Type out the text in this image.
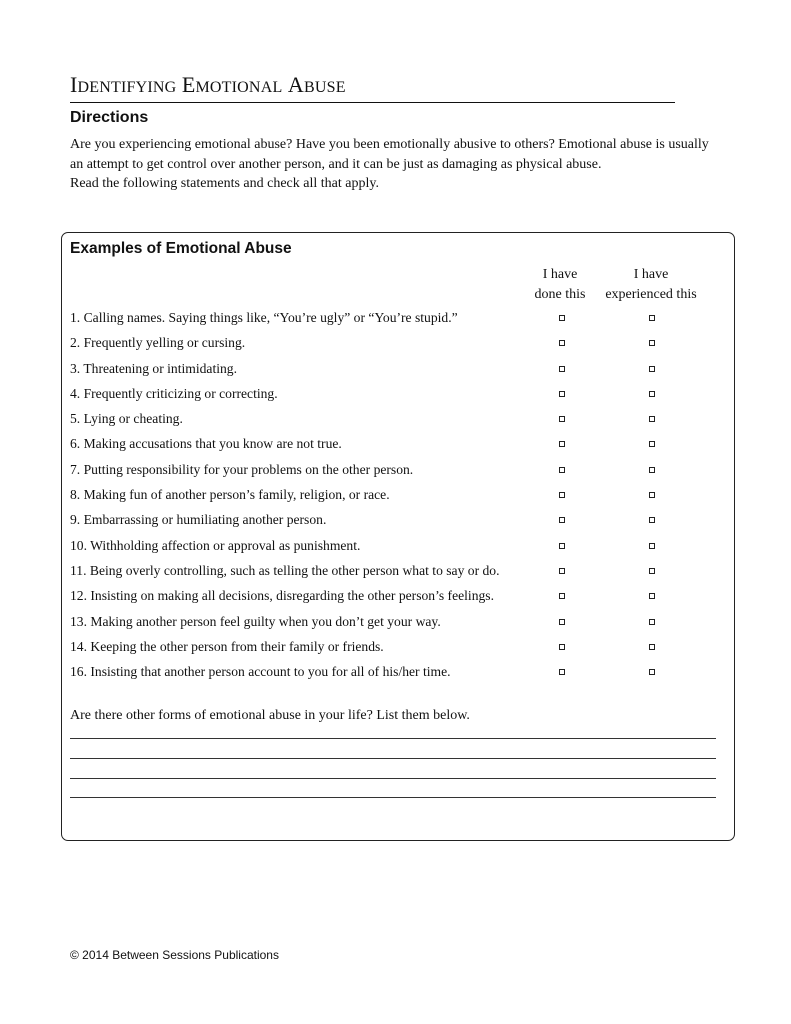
IDENTIFYING EMOTIONAL ABUSE
Directions

Are you experiencing emotional abuse? Have you been emotionally abusive to others? Emotional abuse is usually

an attempt to get control over another person, and it can be just as damaging as physical abuse.

Read the following statements and check all that apply.

Examples of Emotional Abuse
I have
done this
I have
experienced this
1. Calling names. Saying things like, “You’re ugly” or “You’re stupid.”
2. Frequently yelling or cursing.
3. Threatening or intimidating.
4. Frequently criticizing or correcting.
5. Lying or cheating.
6. Making accusations that you know are not true.
7. Putting responsibility for your problems on the other person.
8. Making fun of another person’s family, religion, or race.
9. Embarrassing or humiliating another person.
10. Withholding affection or approval as punishment.
11. Being overly controlling, such as telling the other person what to say or do.
12. Insisting on making all decisions, disregarding the other person’s feelings.
13. Making another person feel guilty when you don’t get your way.
14. Keeping the other person from their family or friends.
16. Insisting that another person account to you for all of his/her time.
Are there other forms of emotional abuse in your life? List them below.
© 2014 Between Sessions Publications
